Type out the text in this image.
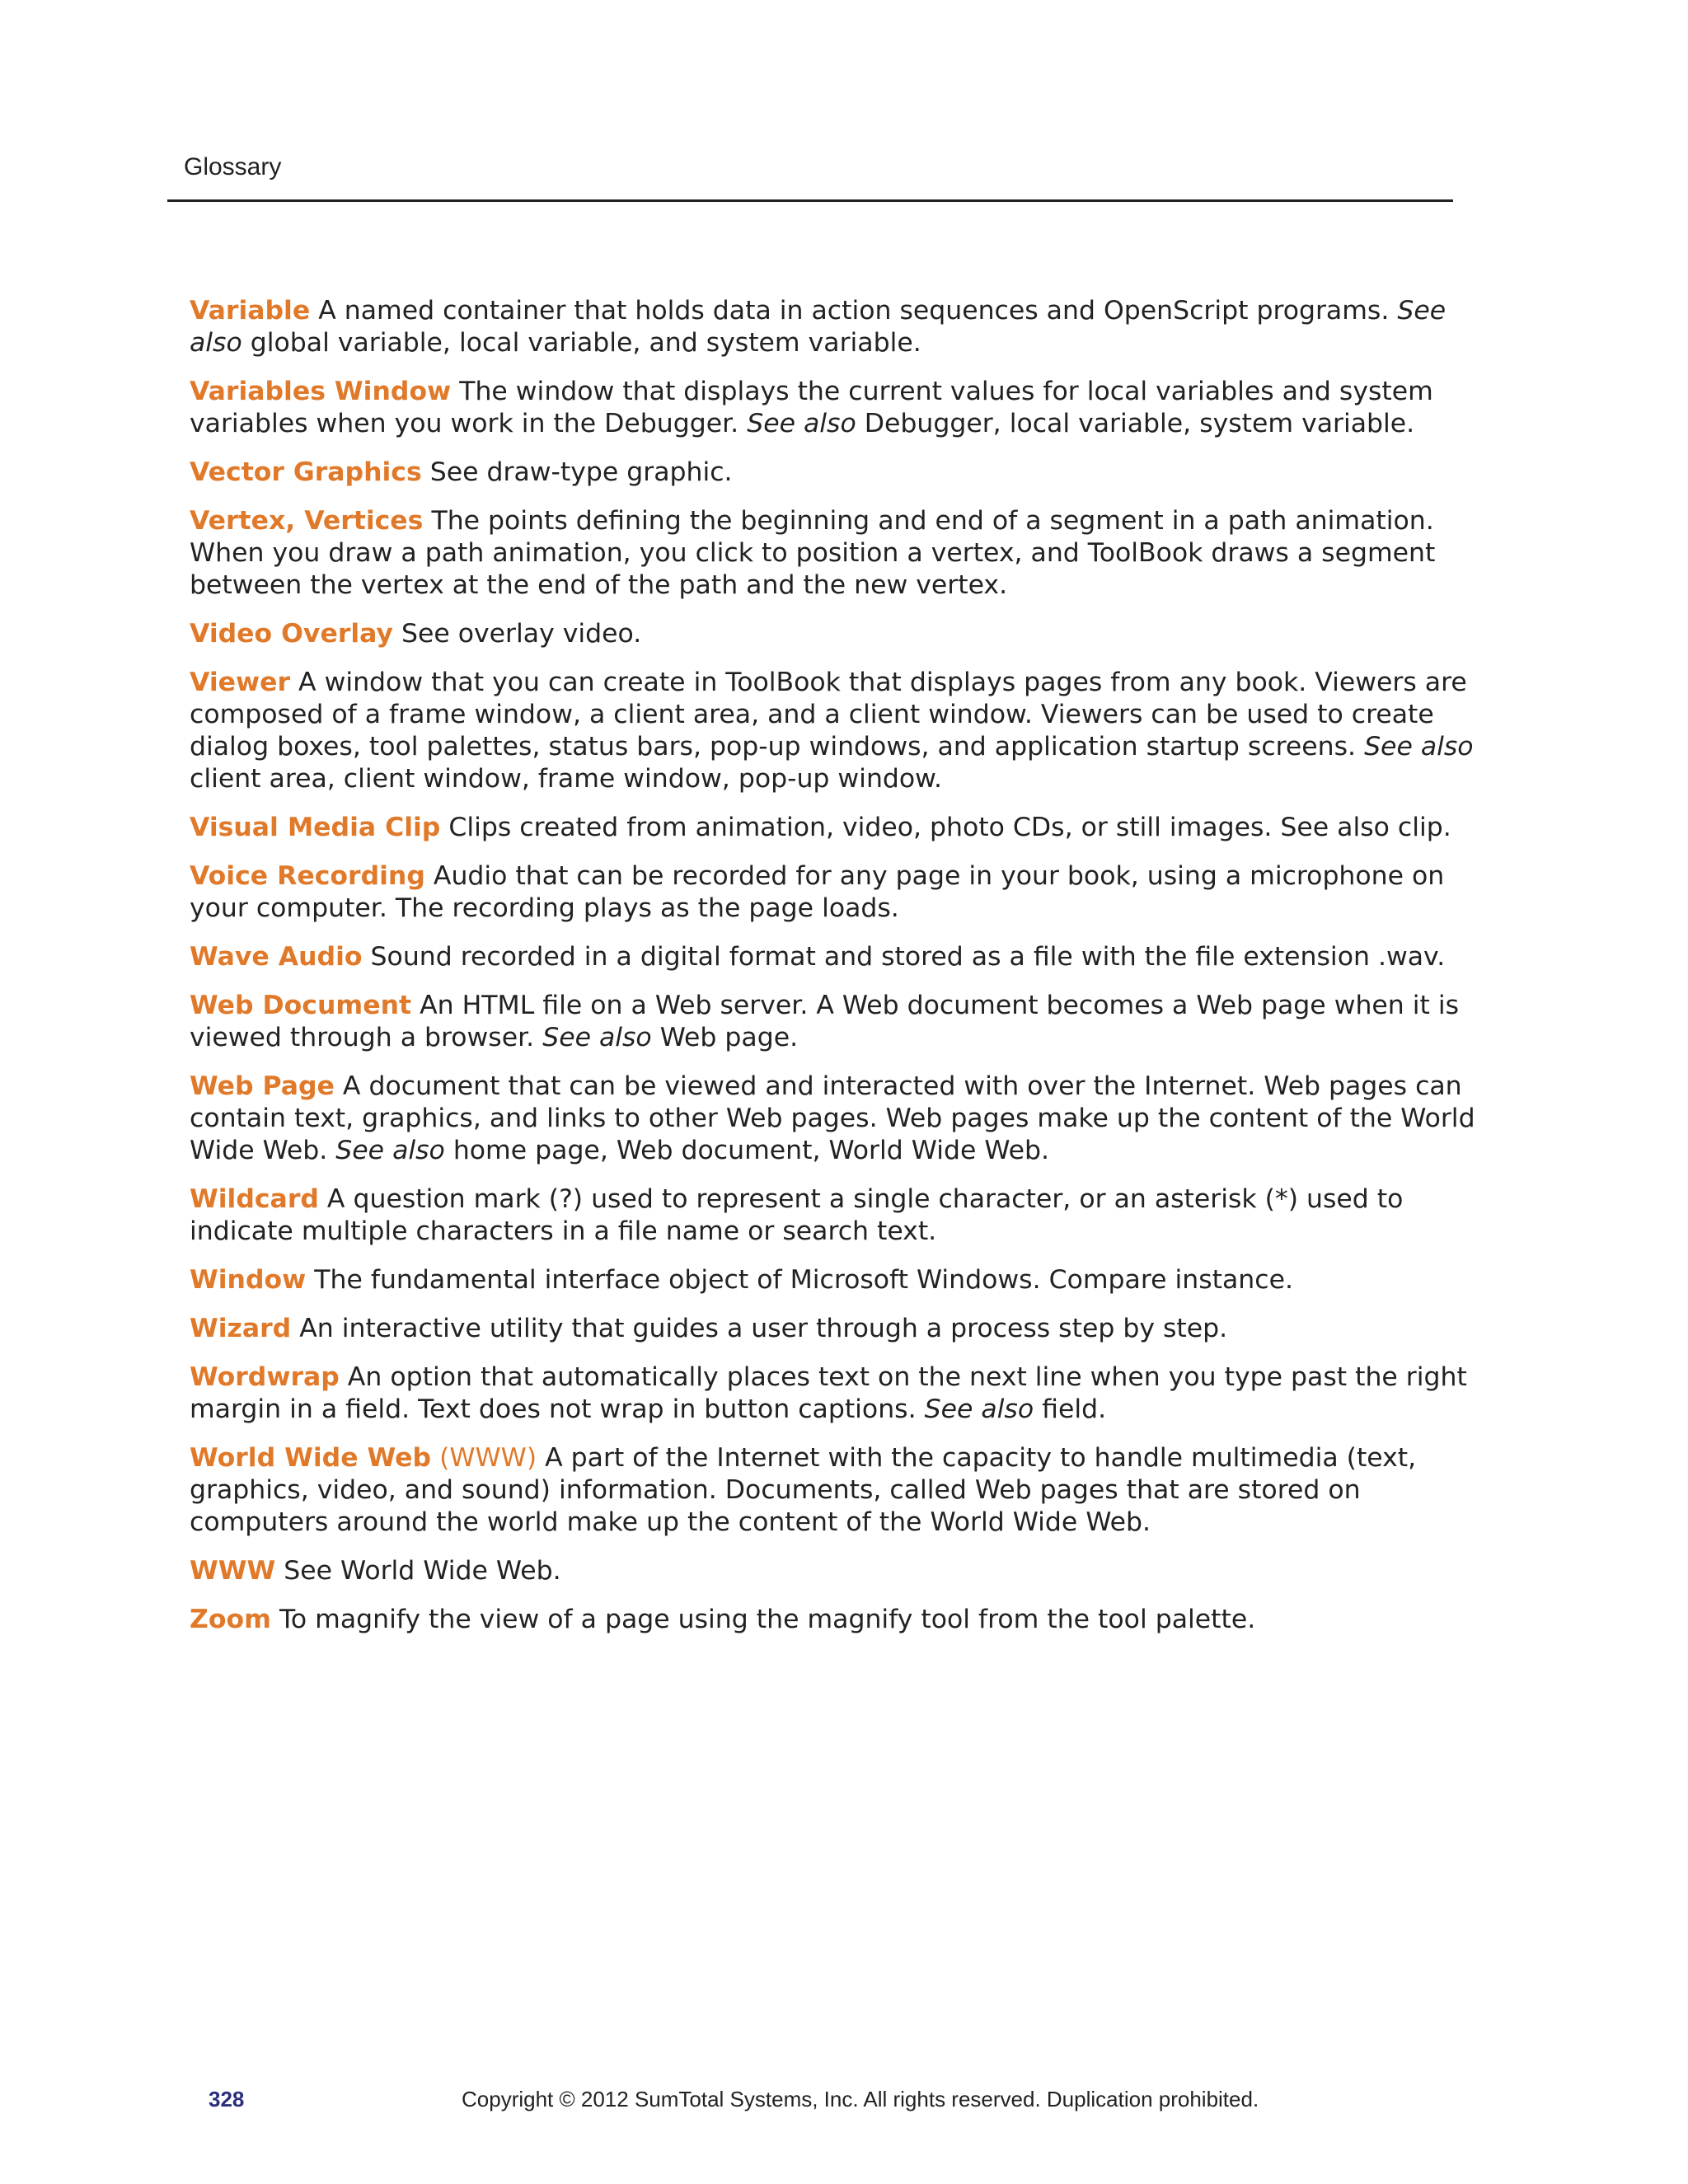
Glossary

Variable A named container that holds data in action sequences and OpenScript programs. See also global variable, local variable, and system variable.

Variables Window The window that displays the current values for local variables and system variables when you work in the Debugger. See also Debugger, local variable, system variable.

Vector Graphics See draw-type graphic.

Vertex, Vertices The points defining the beginning and end of a segment in a path animation. When you draw a path animation, you click to position a vertex, and ToolBook draws a segment between the vertex at the end of the path and the new vertex.

Video Overlay See overlay video.

Viewer A window that you can create in ToolBook that displays pages from any book. Viewers are composed of a frame window, a client area, and a client window. Viewers can be used to create dialog boxes, tool palettes, status bars, pop-up windows, and application startup screens. See also client area, client window, frame window, pop-up window.

Visual Media Clip Clips created from animation, video, photo CDs, or still images. See also clip.

Voice Recording Audio that can be recorded for any page in your book, using a microphone on your computer. The recording plays as the page loads.

Wave Audio Sound recorded in a digital format and stored as a file with the file extension .wav.

Web Document An HTML file on a Web server. A Web document becomes a Web page when it is viewed through a browser. See also Web page.

Web Page A document that can be viewed and interacted with over the Internet. Web pages can contain text, graphics, and links to other Web pages. Web pages make up the content of the World Wide Web. See also home page, Web document, World Wide Web.

Wildcard A question mark (?) used to represent a single character, or an asterisk (*) used to indicate multiple characters in a file name or search text.

Window The fundamental interface object of Microsoft Windows. Compare instance.

Wizard An interactive utility that guides a user through a process step by step.

Wordwrap An option that automatically places text on the next line when you type past the right margin in a field. Text does not wrap in button captions. See also field.

World Wide Web (WWW) A part of the Internet with the capacity to handle multimedia (text, graphics, video, and sound) information. Documents, called Web pages that are stored on computers around the world make up the content of the World Wide Web.

WWW See World Wide Web.

Zoom To magnify the view of a page using the magnify tool from the tool palette.

328	Copyright © 2012 SumTotal Systems, Inc. All rights reserved. Duplication prohibited.
